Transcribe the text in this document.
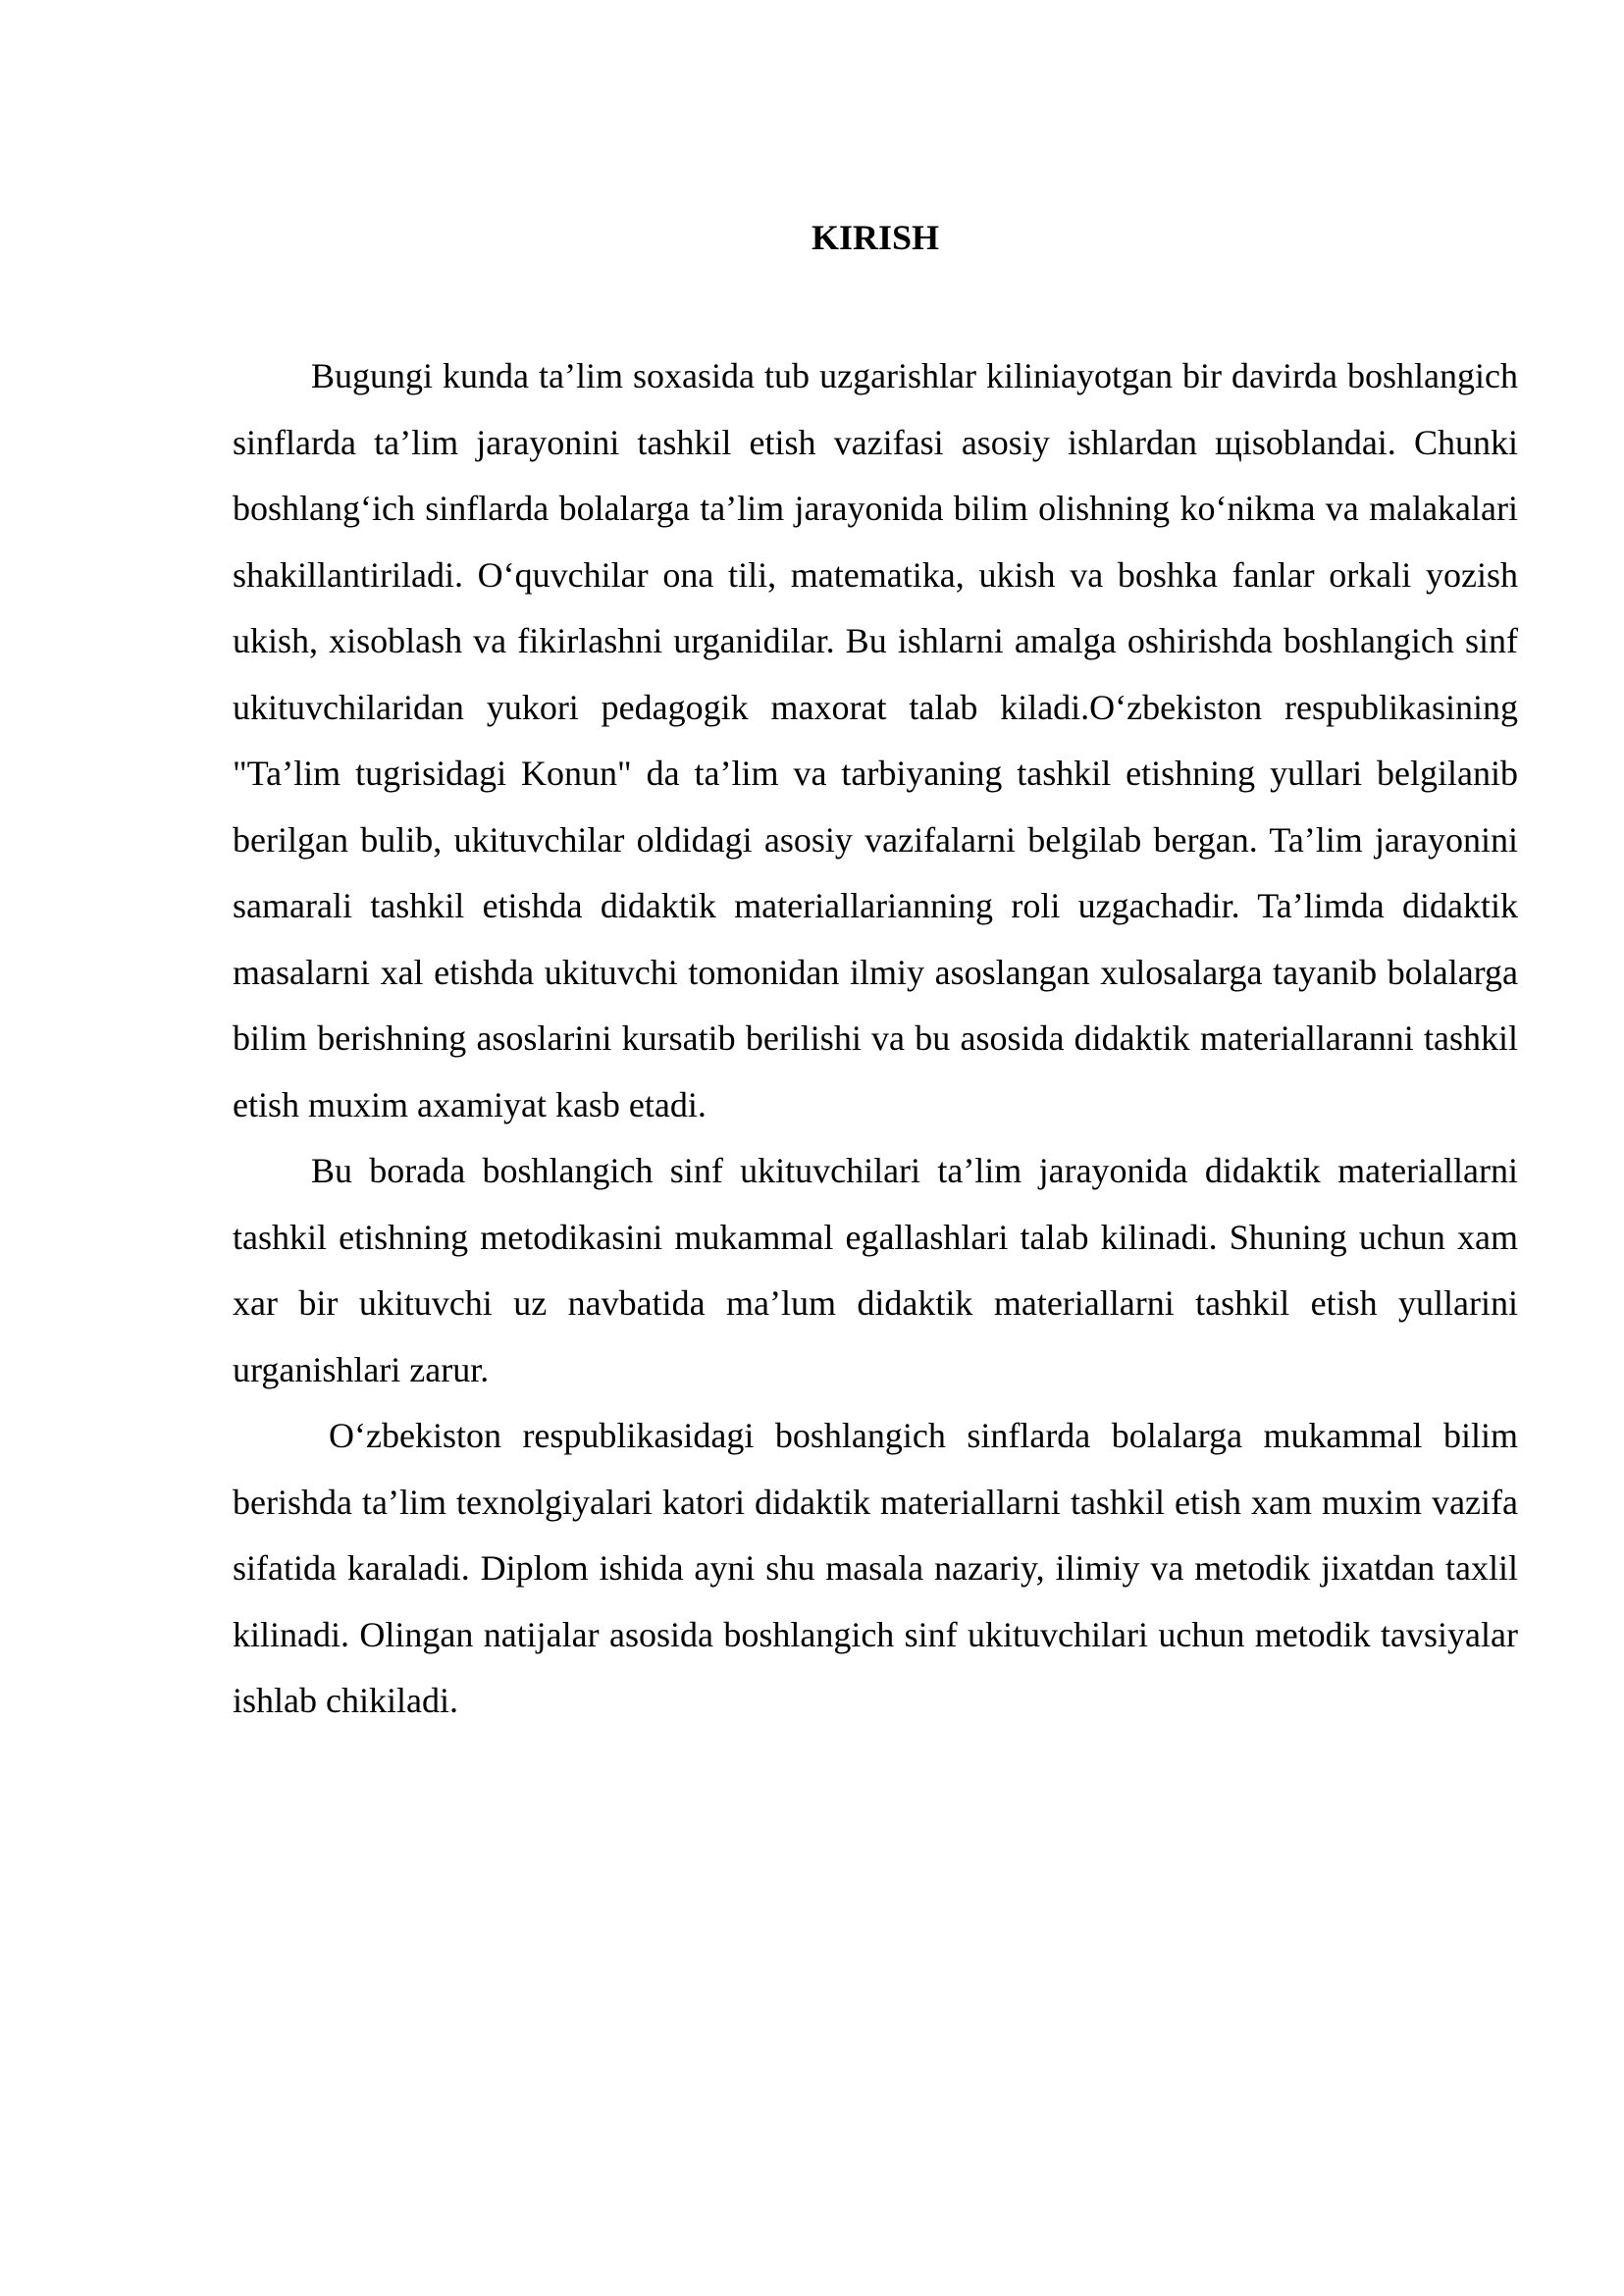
KIRISH

Bugungi kunda ta’lim soxasida tub uzgarishlar kiliniayotgan bir davirda boshlangich sinflarda ta’lim jarayonini tashkil etish vazifasi asosiy ishlardan щisoblandai. Chunki boshlang‘ich sinflarda bolalarga ta’lim jarayonida bilim olishning ko‘nikma va malakalari shakillantiriladi. O‘quvchilar ona tili, matematika, ukish va boshka fanlar orkali yozish ukish, xisoblash va fikirlashni urganidilar. Bu ishlarni amalga oshirishda boshlangich sinf ukituvchilaridan yukori pedagogik maxorat talab kiladi.O‘zbekiston respublikasining "Ta’lim tugrisidagi Konun" da ta’lim va tarbiyaning tashkil etishning yullari belgilanib berilgan bulib, ukituvchilar oldidagi asosiy vazifalarni belgilab bergan. Ta’lim jarayonini samarali tashkil etishda didaktik materiallarianning roli uzgachadir. Ta’limda didaktik masalarni xal etishda ukituvchi tomonidan ilmiy asoslangan xulosalarga tayanib bolalarga bilim berishning asoslarini kursatib berilishi va bu asosida didaktik materiallaranni tashkil etish muxim axamiyat kasb etadi.

Bu borada boshlangich sinf ukituvchilari ta’lim jarayonida didaktik materiallarni tashkil etishning metodikasini mukammal egallashlari talab kilinadi. Shuning uchun xam xar bir ukituvchi uz navbatida ma’lum didaktik materiallarni tashkil etish yullarini urganishlari zarur.

O‘zbekiston respublikasidagi boshlangich sinflarda bolalarga mukammal bilim berishda ta’lim texnolgiyalari katori didaktik materiallarni tashkil etish xam muxim vazifa sifatida karaladi. Diplom ishida ayni shu masala nazariy, ilimiy va metodik jixatdan taxlil kilinadi. Olingan natijalar asosida boshlangich sinf ukituvchilari uchun metodik tavsiyalar ishlab chikiladi.
